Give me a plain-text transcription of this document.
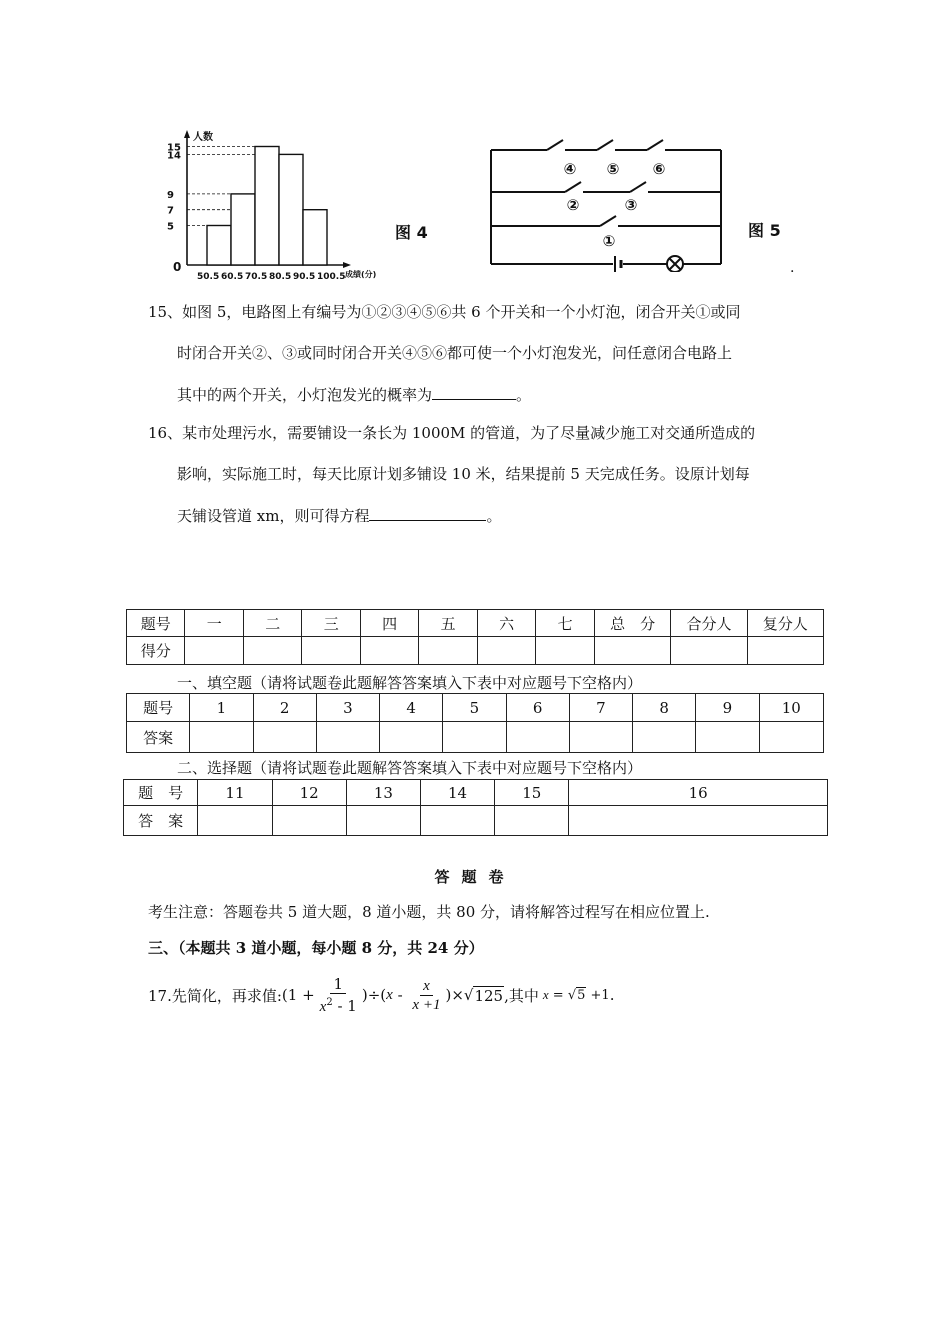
5
7
9
14
15
50.5 60.5 70.5 80.5 90.5 100.5
人数
成绩(分)
0
图 4
④ ⑤ ⑥
②	③
①
图 5
.
15、如图 5，电路图上有编号为①②③④⑤⑥共 6 个开关和一个小灯泡，闭合开关①或同
时闭合开关②、③或同时闭合开关④⑤⑥都可使一个小灯泡发光，问任意闭合电路上
其中的两个开关，小灯泡发光的概率为	。
16、某市处理污水，需要铺设一条长为 1000M 的管道，为了尽量减少施工对交通所造成的
影响，实际施工时，每天比原计划多铺设 10 米，结果提前 5 天完成任务。设原计划每
天铺设管道 xm，则可得方程	。
题号	一	二	三	四	五	六	七	总　分	合分人	复分人
得分										
一、填空题（请将试题卷此题解答答案填入下表中对应题号下空格内）
题号	1	2	3	4	5	6	7	8	9	10
答案										
二、选择题（请将试题卷此题解答答案填入下表中对应题号下空格内）
题　号	11	12	13	14	15	16
答　案						
答题卷
考生注意：答题卷共 5 道大题，8 道小题，共 80 分，请将解答过程写在相应位置上.
三、（本题共 3 道小题，每小题 8 分，共 24 分）
17.先简化，再求值: ($1 + \frac{1}{x^2 - 1}$ ) ÷( x - $\frac{x}{x +1}$ ) × √ 125 ,其中 x = √ 5 +1 .
